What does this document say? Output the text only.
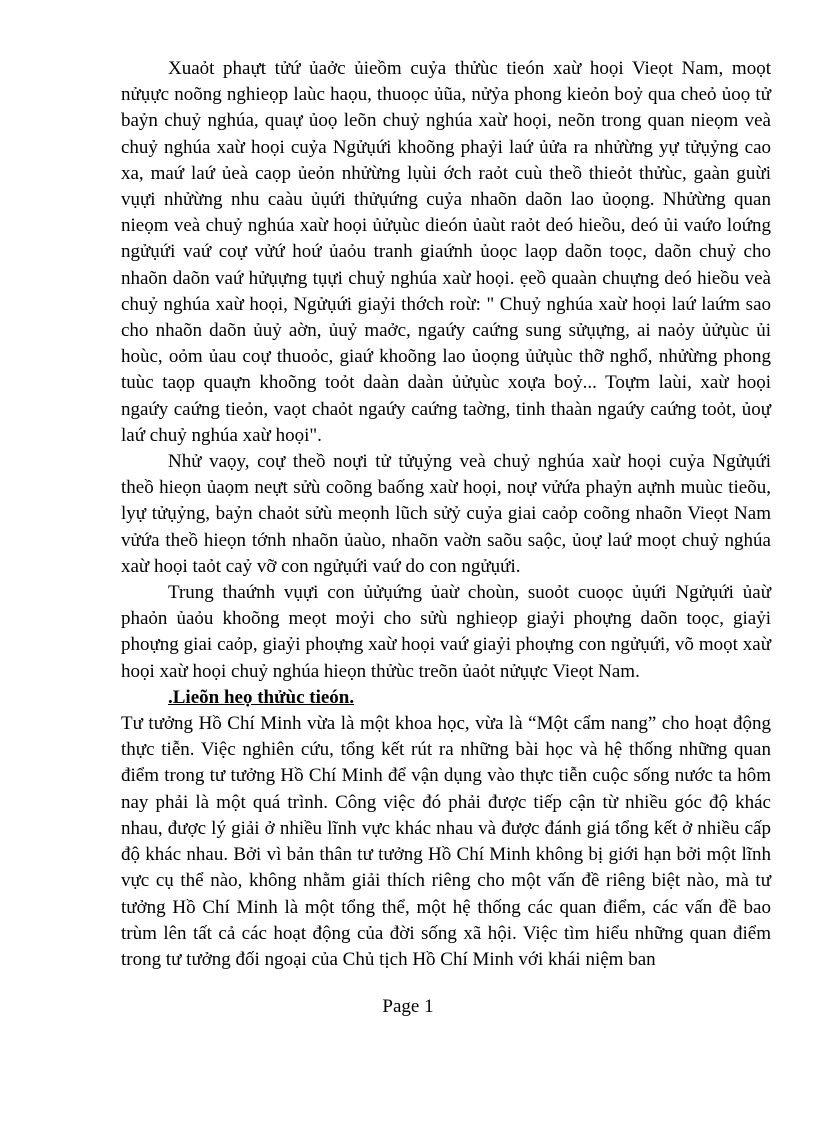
Xuaỏt phaựt tửứ ủaởc ủieồm cuỷa thửùc tieón xaừ hoọi Vieọt Nam, moọt nửụực noõng nghieọp laùc haọu, thuoọc ủũa, nửỷa phong kieỏn boỷ qua cheỏ ủoọ tử baỷn chuỷ nghúa, quaự ủoọ leõn chuỷ nghúa xaừ hoọi, neõn trong quan nieọm veà chuỷ nghúa xaừ hoọi cuỷa Ngửụứi khoõng phaỷi laứ ủửa ra nhửừng yự tửụỷng cao xa, maứ laứ ủeà caọp ủeỏn nhửừng lụùi ớch raỏt cuù theồ thieỏt thửùc, gaàn guừi vụựi nhửừng nhu caàu ủụứi thửụứng cuỷa nhaõn daõn lao ủoọng. Nhửừng quan nieọm veà chuỷ nghúa xaừ hoọi ủửụùc dieón ủaùt raỏt deó hieồu, deó ủi vaứo loứng ngửụứi vaứ coự vửứ hoứ ủaỏu tranh giaứnh ủoọc laọp daõn toọc, daõn chuỷ cho nhaõn daõn vaứ hửụựng tụựi chuỷ nghúa xaừ hoọi. ẹeồ quaàn chuựng deó hieồu veà chuỷ nghúa xaừ hoọi, Ngửụứi giaỷi thớch roừ: " Chuỷ nghúa xaừ hoọi laứ laứm sao cho nhaõn daõn ủuỷ aờn, ủuỷ maởc, ngaứy caứng sung sửụựng, ai naỏy ủửụùc ủi hoùc, oỏm ủau coự thuoỏc, giaứ khoõng lao ủoọng ủửụùc thỡ nghổ, nhửừng phong tuùc taọp quaựn khoõng toỏt daàn daàn ủửụùc xoựa boỷ... Toựm laùi, xaừ hoọi ngaứy caứng tieỏn, vaọt chaỏt ngaứy caứng taờng, tinh thaàn ngaứy caứng toỏt, ủoự laứ chuỷ nghúa xaừ hoọi".

Nhử vaọy, coự theồ noựi tử tửụỷng veà chuỷ nghúa xaừ hoọi cuỷa Ngửụứi theồ hieọn ủaọm neựt sửù coõng baống xaừ hoọi, noự vửứa phaỷn aựnh muùc tieõu, lyự tửụỷng, baỷn chaỏt sửù meọnh lũch sửỷ cuỷa giai caỏp coõng nhaõn Vieọt Nam vửứa theồ hieọn tớnh nhaõn ủaùo, nhaõn vaờn saõu saộc, ủoự laứ moọt chuỷ nghúa xaừ hoọi taỏt caỷ vỡ con ngửụứi vaứ do con ngửụứi.

Trung thaứnh vụựi con ủửụứng ủaừ choùn, suoỏt cuoọc ủụứi Ngửụứi ủaừ phaỏn ủaỏu khoõng meọt moỷi cho sửù nghieọp giaỷi phoựng daõn toọc, giaỷi phoựng giai caỏp, giaỷi phoựng xaừ hoọi vaứ giaỷi phoựng con ngửụứi, võ moọt xaừ hoọi xaừ hoọi chuỷ nghúa hieọn thửùc treõn ủaỏt nửụực Vieọt Nam.

.Lieõn heọ thửùc tieón.

Tư tưởng Hồ Chí Minh vừa là một khoa học, vừa là “Một cẩm nang” cho hoạt động thực tiễn. Việc nghiên cứu, tổng kết rút ra những bài học và hệ thống những quan điểm trong tư tưởng Hồ Chí Minh để vận dụng vào thực tiễn cuộc sống nước ta hôm nay phải là một quá trình. Công việc đó phải được tiếp cận từ nhiều góc độ khác nhau, được lý giải ở nhiều lĩnh vực khác nhau và được đánh giá tổng kết ở nhiều cấp độ khác nhau. Bởi vì bản thân tư tưởng Hồ Chí Minh không bị giới hạn bởi một lĩnh vực cụ thể nào, không nhằm giải thích riêng cho một vấn đề riêng biệt nào, mà tư tưởng Hồ Chí Minh là một tổng thể, một hệ thống các quan điểm, các vấn đề bao trùm lên tất cả các hoạt động của đời sống xã hội. Việc tìm hiểu những quan điểm trong tư tưởng đối ngoại của Chủ tịch Hồ Chí Minh với khái niệm ban

Page 1
